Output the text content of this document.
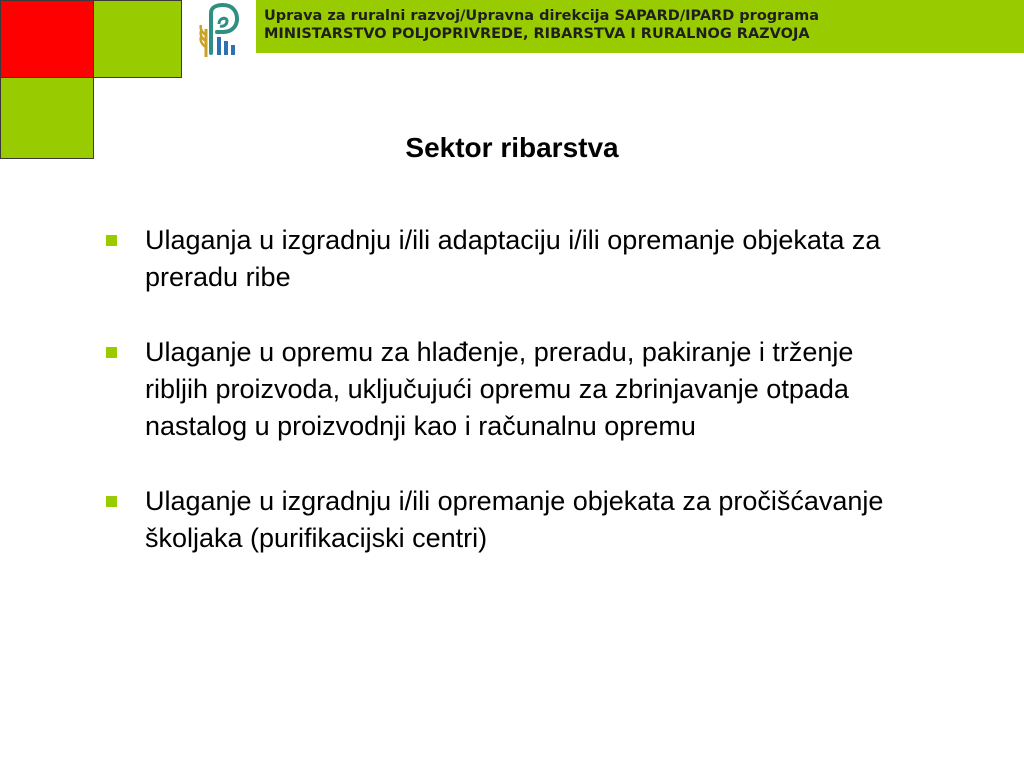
Uprava za ruralni razvoj/Upravna direkcija SAPARD/IPARD programa
MINISTARSTVO POLJOPRIVREDE, RIBARSTVA I RURALNOG RAZVOJA
Sektor ribarstva
Ulaganja u izgradnju i/ili adaptaciju i/ili opremanje objekata za preradu ribe
Ulaganje u opremu za hlađenje, preradu, pakiranje i trženje ribljih proizvoda, uključujući opremu za zbrinjavanje otpada nastalog u proizvodnji kao i računalnu opremu
Ulaganje u izgradnju i/ili opremanje objekata za pročišćavanje školjaka (purifikacijski centri)
